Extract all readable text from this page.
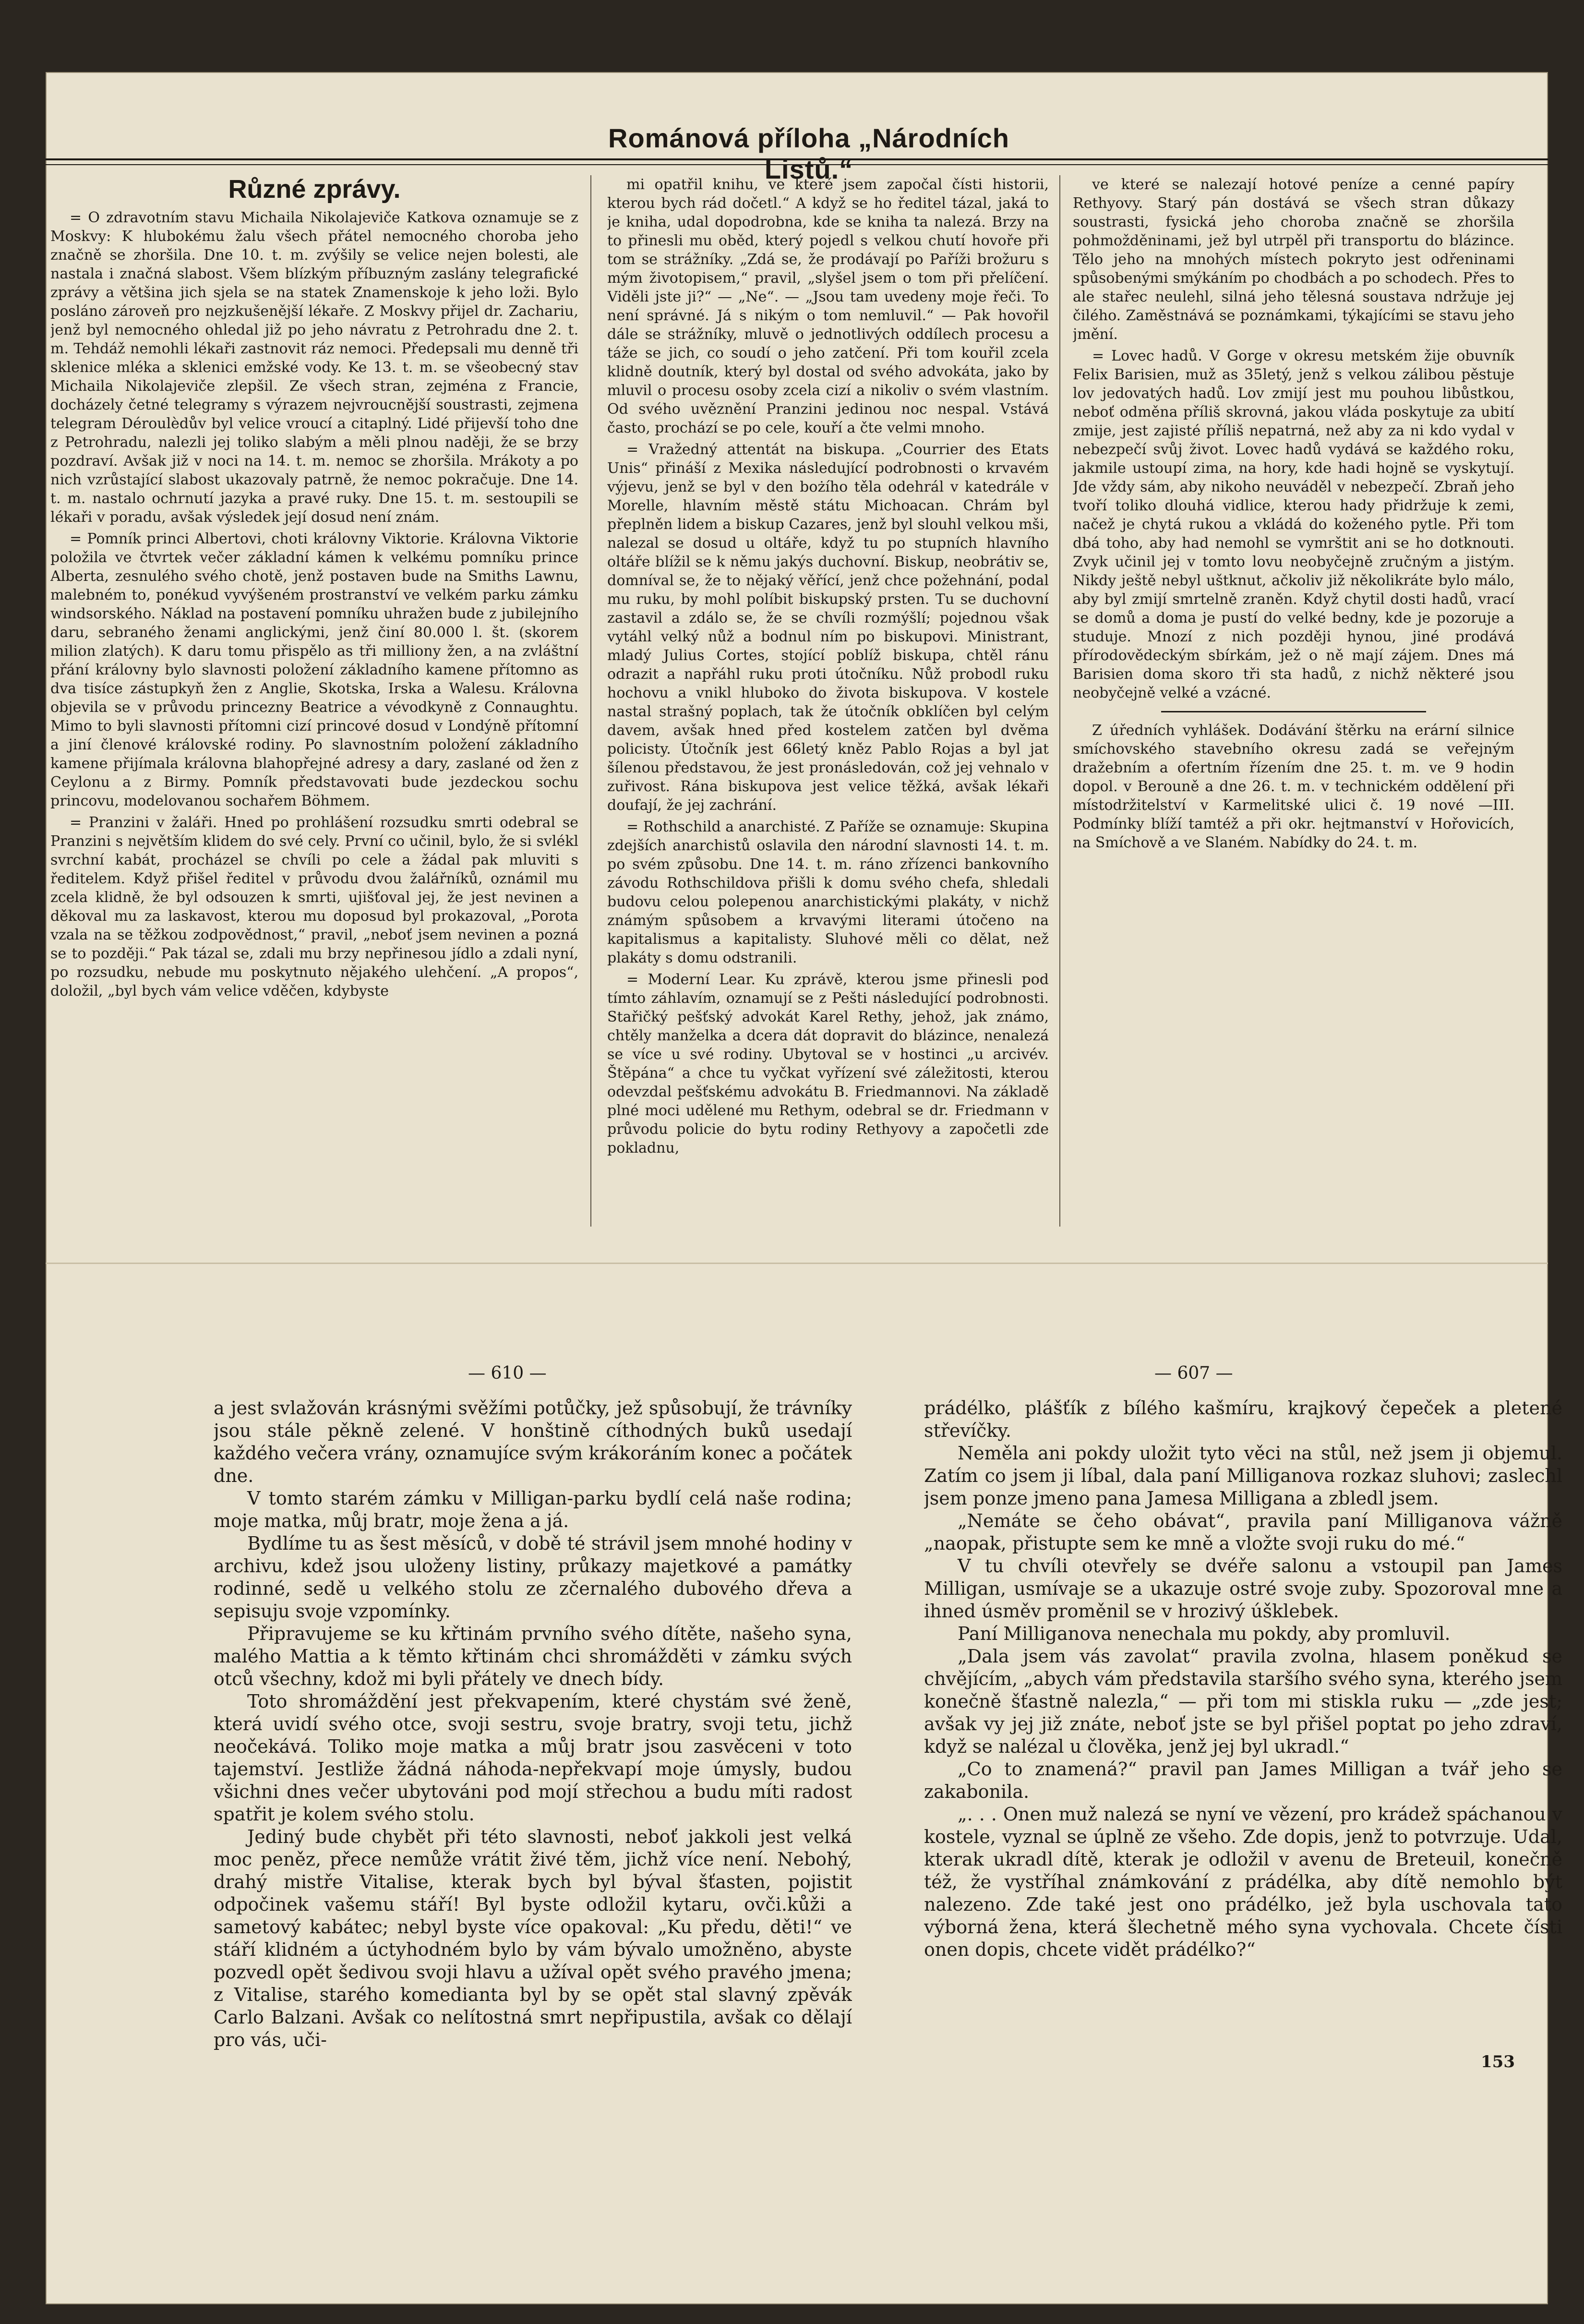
Románová příloha „Národních Listů.“
Různé zprávy.

= O zdravotním stavu Michaila Nikolajeviče Katkova oznamuje se z Moskvy: K hlubokému žalu všech přátel nemocného choroba jeho značně se zhoršila. Dne 10. t. m. zvýšily se velice nejen bolesti, ale nastala i značná slabost. Všem blízkým příbuzným zaslány telegrafické zprávy a většina jich sjela se na statek Znamenskoje k jeho loži. Bylo posláno zároveň pro nejzkušenější lékaře. Z Moskvy přijel dr. Zachariu, jenž byl nemocného ohledal již po jeho návratu z Petrohradu dne 2. t. m. Tehdáž nemohli lékaři zastnovit ráz nemoci. Předepsali mu denně tři sklenice mléka a sklenici emžské vody. Ke 13. t. m. se všeobecný stav Michaila Nikolajeviče zlepšil. Ze všech stran, zejména z Francie, docházely četné telegramy s výrazem nejvroucnější soustrasti, zejmena telegram Déroulèdův byl velice vroucí a citaplný. Lidé přijevší toho dne z Petrohradu, nalezli jej toliko slabým a měli plnou naději, že se brzy pozdraví. Avšak již v noci na 14. t. m. nemoc se zhoršila. Mrákoty a po nich vzrůstající slabost ukazovaly patrně, že nemoc pokračuje. Dne 14. t. m. nastalo ochrnutí jazyka a pravé ruky. Dne 15. t. m. sestoupili se lékaři v poradu, avšak výsledek její dosud není znám.

= Pomník princi Albertovi, choti královny Viktorie. Královna Viktorie položila ve čtvrtek večer základní kámen k velkému pomníku prince Alberta, zesnulého svého chotě, jenž postaven bude na Smiths Lawnu, malebném to, ponékud vyvýšeném prostranství ve velkém parku zámku windsorského. Náklad na postavení pomníku uhražen bude z jubilejního daru, sebraného ženami anglickými, jenž činí 80.000 l. št. (skorem milion zlatých). K daru tomu přispělo as tři milliony žen, a na zvláštní přání královny bylo slavnosti položení základního kamene přítomno as dva tisíce zástupkyň žen z Anglie, Skotska, Irska a Walesu. Královna objevila se v průvodu princezny Beatrice a vévodkyně z Connaughtu. Mimo to byli slavnosti přítomni cizí princové dosud v Londýně přítomní a jiní členové královské rodiny. Po slavnostním položení základního kamene přijímala královna blahopřejné adresy a dary, zaslané od žen z Ceylonu a z Birmy. Pomník představovati bude jezdeckou sochu princovu, modelovanou sochařem Böhmem.

= Pranzini v žaláři. Hned po prohlášení rozsudku smrti odebral se Pranzini s největším klidem do své cely. První co učinil, bylo, že si svlékl svrchní kabát, procházel se chvíli po cele a žádal pak mluviti s ředitelem. Když přišel ředitel v průvodu dvou žalářníků, oznámil mu zcela klidně, že byl odsouzen k smrti, ujišťoval jej, že jest nevinen a děkoval mu za laskavost, kterou mu doposud byl prokazoval, „Porota vzala na se těžkou zodpovědnost,“ pravil, „neboť jsem nevinen a pozná se to později.“ Pak tázal se, zdali mu brzy nepřinesou jídlo a zdali nyní, po rozsudku, nebude mu poskytnuto nějakého ulehčení. „A propos“, doložil, „byl bych vám velice vděčen, kdybyste

mi opatřil knihu, ve které jsem započal čísti historii, kterou bych rád dočetl.“ A když se ho ředitel tázal, jaká to je kniha, udal dopodrobna, kde se kniha ta nalezá. Brzy na to přinesli mu oběd, který pojedl s velkou chutí hovoře při tom se strážníky. „Zdá se, že prodávají po Paříži brožuru s mým životopisem,“ pravil, „slyšel jsem o tom při přelíčení. Viděli jste ji?“ — „Ne“. — „Jsou tam uvedeny moje řeči. To není správné. Já s nikým o tom nemluvil.“ — Pak hovořil dále se strážníky, mluvě o jednotlivých oddílech procesu a táže se jich, co soudí o jeho zatčení. Při tom kouřil zcela klidně doutník, který byl dostal od svého advokáta, jako by mluvil o procesu osoby zcela cizí a nikoliv o svém vlastním. Od svého uvěznění Pranzini jedinou noc nespal. Vstává často, prochází se po cele, kouří a čte velmi mnoho.

= Vražedný attentát na biskupa. „Courrier des Etats Unis“ přináší z Mexika následující podrobnosti o krvavém výjevu, jenž se byl v den bożího těla odehrál v katedrále v Morelle, hlavním městě státu Michoacan. Chrám byl přeplněn lidem a biskup Cazares, jenž byl slouhl velkou mši, nalezal se dosud u oltáře, když tu po stupních hlavního oltáře blížil se k němu jakýs duchovní. Biskup, neobrátiv se, domníval se, že to nějaký věřící, jenž chce požehnání, podal mu ruku, by mohl políbit biskupský prsten. Tu se duchovní zastavil a zdálo se, že se chvíli rozmýšlí; pojednou však vytáhl velký nůž a bodnul ním po biskupovi. Ministrant, mladý Julius Cortes, stojící poblíž biskupa, chtěl ránu odrazit a napřáhl ruku proti útočníku. Nůž probodl ruku hochovu a vnikl hluboko do života biskupova. V kostele nastal strašný poplach, tak že útočník obklíčen byl celým davem, avšak hned před kostelem zatčen byl dvěma policisty. Útočník jest 66letý kněz Pablo Rojas a byl jat šílenou představou, že jest pronásledován, což jej vehnalo v zuřivost. Rána biskupova jest velice těžká, avšak lékaři doufají, že jej zachrání.

= Rothschild a anarchisté. Z Paříže se oznamuje: Skupina zdejších anarchistů oslavila den národní slavnosti 14. t. m. po svém způsobu. Dne 14. t. m. ráno zřízenci bankovního závodu Rothschildova přišli k domu svého chefa, shledali budovu celou polepenou anarchistickými plakáty, v nichž známým spůsobem a krvavými literami útočeno na kapitalismus a kapitalisty. Sluhové měli co dělat, než plakáty s domu odstranili.

= Moderní Lear. Ku zprávě, kterou jsme přinesli pod tímto záhlavím, oznamují se z Pešti následující podrobnosti. Stařičký pešťský advokát Karel Rethy, jehož, jak známo, chtěly manželka a dcera dát dopravit do blázince, nenalezá se více u své rodiny. Ubytoval se v hostinci „u arcivév. Štěpána“ a chce tu vyčkat vyřízení své záležitosti, kterou odevzdal pešťskému advokátu B. Friedmannovi. Na základě plné moci udělené mu Rethym, odebral se dr. Friedmann v průvodu policie do bytu rodiny Rethyovy a započetli zde pokladnu,

ve které se nalezají hotové peníze a cenné papíry Rethyovy. Starý pán dostává se všech stran důkazy soustrasti, fysická jeho choroba značně se zhoršila pohmožděninami, jež byl utrpěl při transportu do blázince. Tělo jeho na mnohých místech pokryto jest odřeninami spůsobenými smýkáním po chodbách a po schodech. Přes to ale stařec neulehl, silná jeho tělesná soustava ndržuje jej čilého. Zaměstnává se poznámkami, týkajícími se stavu jeho jmění.

= Lovec hadů. V Gorge v okresu metském žije obuvník Felix Barisien, muž as 35letý, jenž s velkou zálibou pěstuje lov jedovatých hadů. Lov zmijí jest mu pouhou libůstkou, neboť odměna příliš skrovná, jakou vláda poskytuje za ubití zmije, jest zajisté příliš nepatrná, než aby za ni kdo vydal v nebezpečí svůj život. Lovec hadů vydává se každého roku, jakmile ustoupí zima, na hory, kde hadi hojně se vyskytují. Jde vždy sám, aby nikoho neuváděl v nebezpečí. Zbraň jeho tvoří toliko dlouhá vidlice, kterou hady přidržuje k zemi, načež je chytá rukou a vkládá do koženého pytle. Při tom dbá toho, aby had nemohl se vymrštit ani se ho dotknouti. Zvyk učinil jej v tomto lovu neobyčejně zručným a jistým. Nikdy ještě nebyl uštknut, ačkoliv již několikráte bylo málo, aby byl zmijí smrtelně zraněn. Když chytil dosti hadů, vrací se domů a doma je pustí do velké bedny, kde je pozoruje a studuje. Mnozí z nich později hynou, jiné prodává přírodovědeckým sbírkám, jež o ně mají zájem. Dnes má Barisien doma skoro tři sta hadů, z nichž některé jsou neobyčejně velké a vzácné.

Z úředních vyhlášek. Dodávání štěrku na erární silnice smíchovského stavebního okresu zadá se veřejným dražebním a ofertním řízením dne 25. t. m. ve 9 hodin dopol. v Berouně a dne 26. t. m. v technickém oddělení při místodržitelství v Karmelitské ulici č. 19 nové —III. Podmínky blíží tamtéž a při okr. hejtmanství v Hořovicích, na Smíchově a ve Slaném. Nabídky do 24. t. m.

— 610 —	— 607 —

a jest svlažován krásnými svěžími potůčky, jež spůsobují, že trávníky jsou stále pěkně zelené. V honštině cíthodných buků usedají každého večera vrány, oznamujíce svým krákoráním konec a počátek dne.

V tomto starém zámku v Milligan-parku bydlí celá naše rodina; moje matka, můj bratr, moje žena a já.

Bydlíme tu as šest měsíců, v době té strávil jsem mnohé hodiny v archivu, kdež jsou uloženy listiny, průkazy majetkové a památky rodinné, sedě u velkého stolu ze zčernalého dubového dřeva a sepisuju svoje vzpomínky.

Připravujeme se ku křtinám prvního svého dítěte, našeho syna, malého Mattia a k těmto křtinám chci shromážděti v zámku svých otců všechny, kdož mi byli přátely ve dnech bídy.

Toto shromáždění jest překvapením, které chystám své ženě, která uvidí svého otce, svoji sestru, svoje bratry, svoji tetu, jichž neočekává. Toliko moje matka a můj bratr jsou zasvěceni v toto tajemství. Jestliže žádná náhoda-nepřekvapí moje úmysly, budou všichni dnes večer ubytováni pod mojí střechou a budu míti radost spatřit je kolem svého stolu.

Jediný bude chybět při této slavnosti, neboť jakkoli jest velká moc peněz, přece nemůže vrátit živé těm, jichž více není. Nebohý, drahý mistře Vitalise, kterak bych byl býval šťasten, pojistit odpočinek vašemu stáří! Byl byste odložil kytaru, ovči.kůži a sametový kabátec; nebyl byste více opakoval: „Ku předu, děti!“ ve stáří klidném a úctyhodném bylo by vám bývalo umožněno, abyste pozvedl opět šedivou svoji hlavu a užíval opět svého pravého jmena; z Vitalise, starého komedianta byl by se opět stal slavný zpěvák Carlo Balzani. Avšak co nelítostná smrt nepřipustila, avšak co dělají pro vás, uči-

prádélko, plášťík z bílého kašmíru, krajkový čepeček a pletené střevíčky.

Neměla ani pokdy uložit tyto věci na stůl, než jsem ji objemul. Zatím co jsem ji líbal, dala paní Milliganova rozkaz sluhovi; zaslechl jsem ponze jmeno pana Jamesa Milligana a zbledl jsem.

„Nemáte se čeho obávat“, pravila paní Milliganova vážně „naopak, přistupte sem ke mně a vložte svoji ruku do mé.“

V tu chvíli otevřely se dvéře salonu a vstoupil pan James Milligan, usmívaje se a ukazuje ostré svoje zuby. Spozoroval mne a ihned úsměv proměnil se v hrozivý úšklebek.

Paní Milliganova nenechala mu pokdy, aby promluvil.

„Dala jsem vás zavolat“ pravila zvolna, hlasem poněkud se chvějícím, „abych vám představila staršího svého syna, kterého jsem konečně šťastně nalezla,“ — při tom mi stiskla ruku — „zde jest; avšak vy jej již znáte, neboť jste se byl přišel poptat po jeho zdraví, když se nalézal u člověka, jenž jej byl ukradl.“

„Co to znamená?“ pravil pan James Milligan a tvář jeho se zakabonila.

„. . . Onen muž nalezá se nyní ve vězení, pro krádež spáchanou v kostele, vyznal se úplně ze všeho. Zde dopis, jenž to potvrzuje. Udal, kterak ukradl dítě, kterak je odložil v avenu de Breteuil, konečně též, že vystříhal známkování z prádélka, aby dítě nemohlo být nalezeno. Zde také jest ono prádélko, jež byla uschovala tato výborná žena, která šlechetně mého syna vychovala. Chcete čísti onen dopis, chcete vidět prádélko?“

153
